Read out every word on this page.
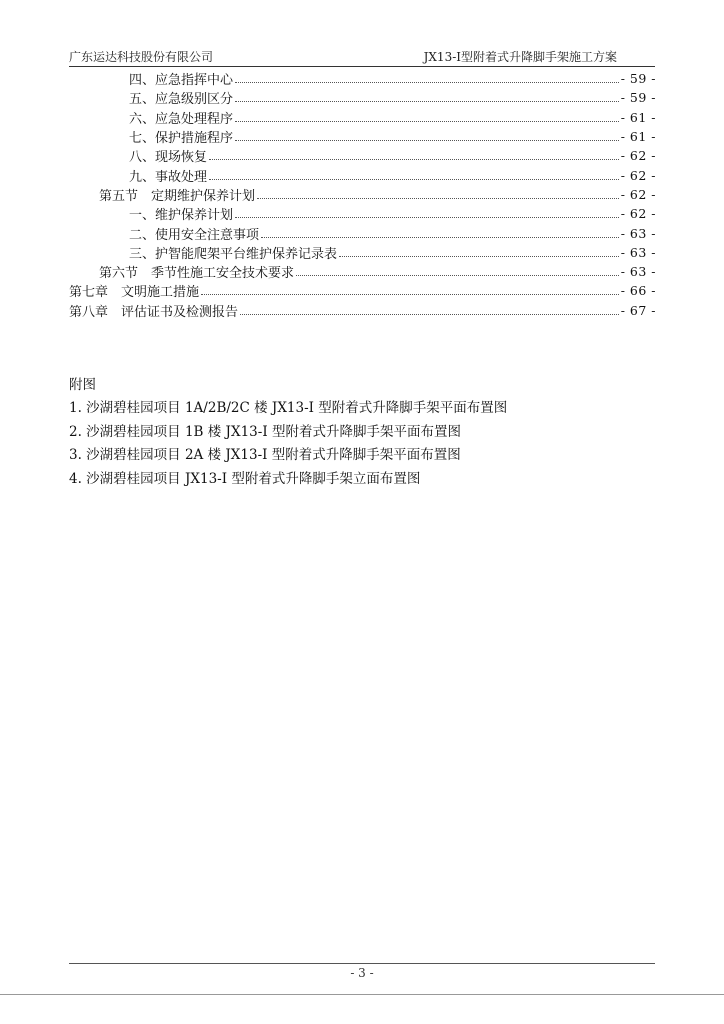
广东运达科技股份有限公司	JX13-Ⅰ型附着式升降脚手架施工方案
四、应急指挥中心	- 59 -
五、应急级别区分	- 59 -
六、应急处理程序	- 61 -
七、保护措施程序	- 61 -
八、现场恢复	- 62 -
九、事故处理	- 62 -
第五节　定期维护保养计划	- 62 -
一、维护保养计划	- 62 -
二、使用安全注意事项	- 63 -
三、护智能爬架平台维护保养记录表	- 63 -
第六节　季节性施工安全技术要求	- 63 -
第七章　文明施工措施	- 66 -
第八章　评估证书及检测报告	- 67 -
附图
1. 沙湖碧桂园项目 1A/2B/2C 楼 JX13-I 型附着式升降脚手架平面布置图
2. 沙湖碧桂园项目 1B 楼 JX13-I 型附着式升降脚手架平面布置图
3. 沙湖碧桂园项目 2A 楼 JX13-I 型附着式升降脚手架平面布置图
4. 沙湖碧桂园项目 JX13-I 型附着式升降脚手架立面布置图
- 3 -
